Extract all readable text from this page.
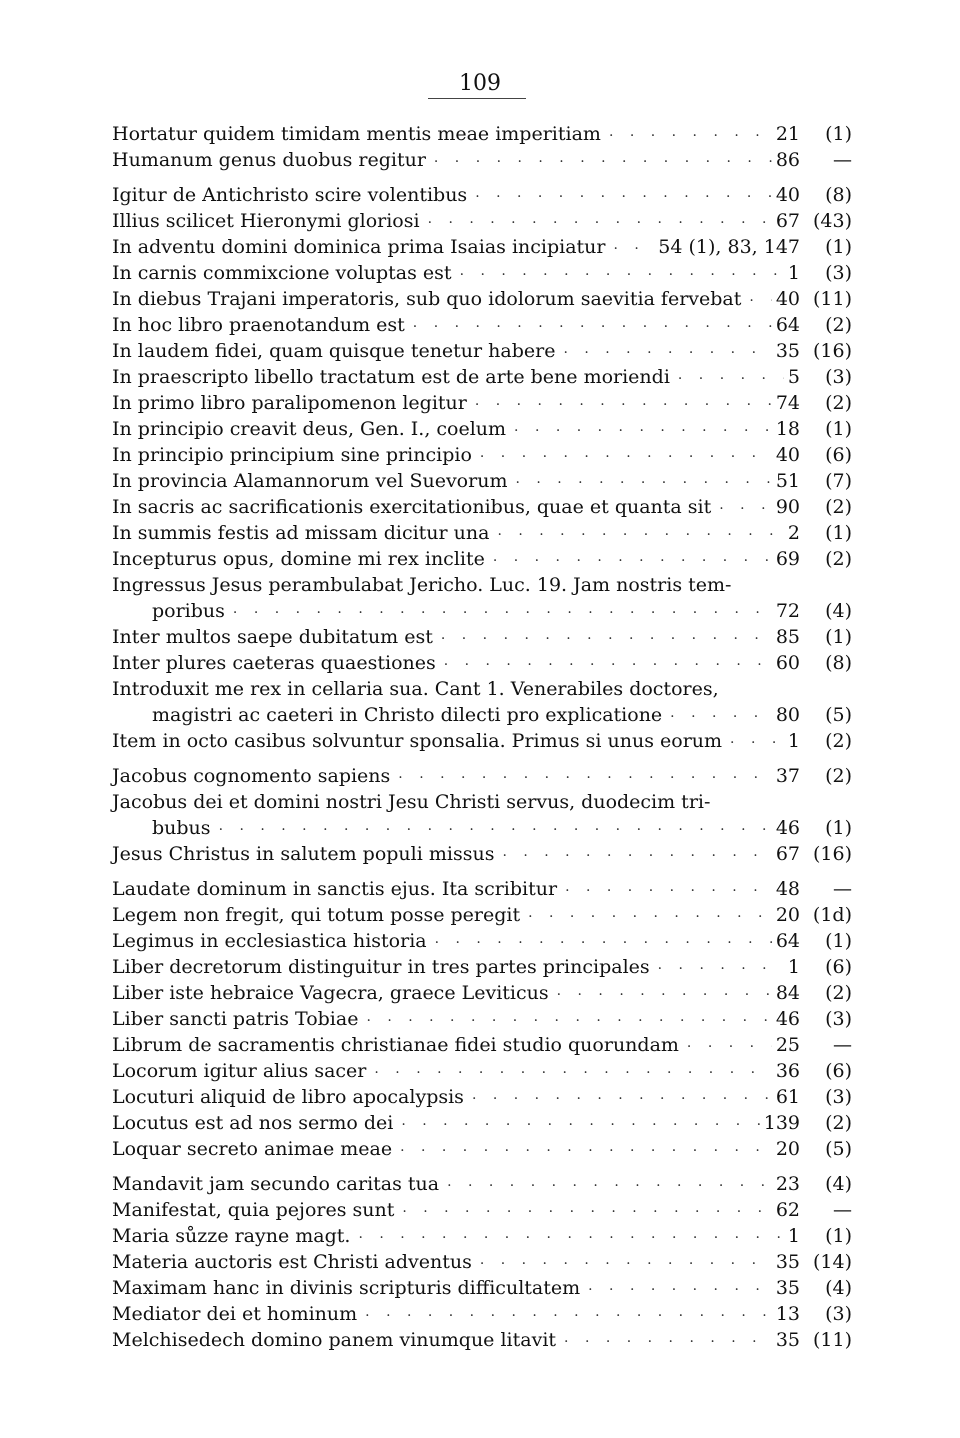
109
Hortatur quidem timidam mentis meae imperitiam · · ·	21	(1)
Humanum genus duobus regitur · · ·	86	—
Igitur de Antichristo scire volentibus · · ·	40	(8)
Illius scilicet Hieronymi gloriosi · · ·	67 (43)
In adventu domini dominica prima Isaias incipiatur · · ·	54 (1), 83, 147	(1)
In carnis commixcione voluptas est · · ·	1	(3)
In diebus Trajani imperatoris, sub quo idolorum saevitia fervebat · · · 40 (11)
In hoc libro praenotandum est · · ·	64	(2)
In laudem fidei, quam quisque tenetur habere · · ·	35 (16)
In praescripto libello tractatum est de arte bene moriendi · · ·	5	(3)
In primo libro paralipomenon legitur · · ·	74	(2)
In principio creavit deus, Gen. I., coelum · · ·	18	(1)
In principio principium sine principio · · ·	40	(6)
In provincia Alamannorum vel Suevorum · · ·	51	(7)
In sacris ac sacrificationis exercitationibus, quae et quanta sit · · ·	90	(2)
In summis festis ad missam dicitur una · · ·	2	(1)
Incepturus opus, domine mi rex inclite · · ·	69	(2)
Ingressus Jesus perambulabat Jericho. Luc. 19. Jam nostris tem-
poribus · · ·	72	(4)
Inter multos saepe dubitatum est · · ·	85	(1)
Inter plures caeteras quaestiones · · ·	60	(8)
Introduxit me rex in cellaria sua. Cant 1. Venerabiles doctores,
magistri ac caeteri in Christo dilecti pro explicatione · · ·	80	(5)
Item in octo casibus solvuntur sponsalia. Primus si unus eorum · · ·	1	(2)
Jacobus cognomento sapiens · · ·	37	(2)
Jacobus dei et domini nostri Jesu Christi servus, duodecim tri-
bubus · · ·	46	(1)
Jesus Christus in salutem populi missus · · ·	67 (16)
Laudate dominum in sanctis ejus. Ita scribitur · · ·	48	—
Legem non fregit, qui totum posse peregit · · ·	20 (1d)
Legimus in ecclesiastica historia · · ·	64	(1)
Liber decretorum distinguitur in tres partes principales · · ·	1	(6)
Liber iste hebraice Vagecra, graece Leviticus · · ·	84	(2)
Liber sancti patris Tobiae · · ·	46	(3)
Librum de sacramentis christianae fidei studio quorundam · · ·	25	—
Locorum igitur alius sacer · · ·	36	(6)
Locuturi aliquid de libro apocalypsis · · ·	61	(3)
Locutus est ad nos sermo dei · · ·	139	(2)
Loquar secreto animae meae · · ·	20	(5)
Mandavit jam secundo caritas tua · · ·	23	(4)
Manifestat, quia pejores sunt · · ·	62	—
Maria sůzze rayne magt. · · ·	1	(1)
Materia auctoris est Christi adventus · · ·	35 (14)
Maximam hanc in divinis scripturis difficultatem · · ·	35	(4)
Mediator dei et hominum · · ·	13	(3)
Melchisedech domino panem vinumque litavit · · ·	35 (11)
